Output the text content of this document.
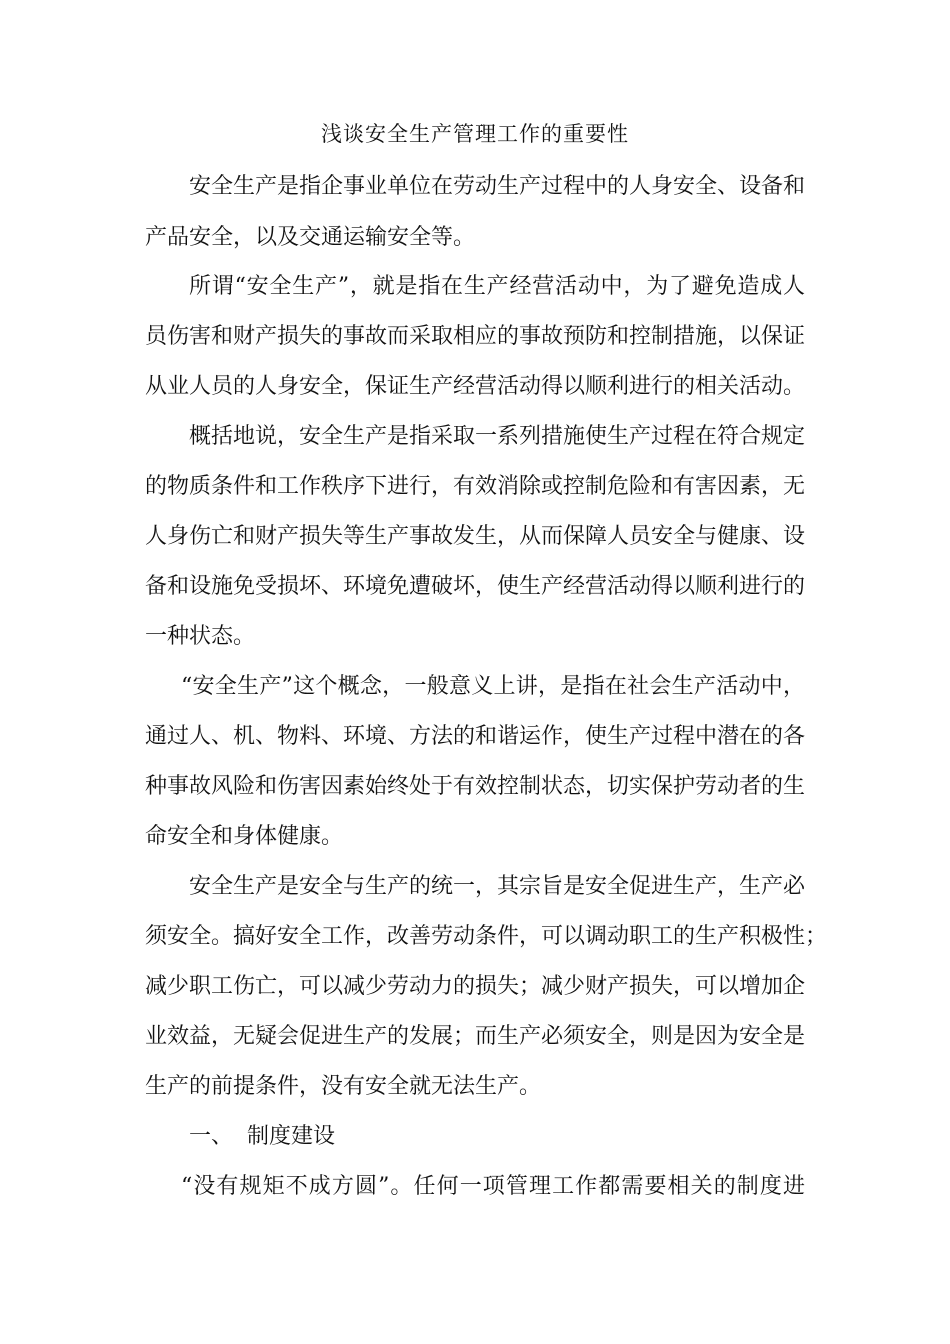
浅谈安全生产管理工作的重要性
安全生产是指企事业单位在劳动生产过程中的人身安全、设备和
产品安全，以及交通运输安全等。
所谓“安全生产”，就是指在生产经营活动中，为了避免造成人
员伤害和财产损失的事故而采取相应的事故预防和控制措施，以保证
从业人员的人身安全，保证生产经营活动得以顺利进行的相关活动。
概括地说，安全生产是指采取一系列措施使生产过程在符合规定
的物质条件和工作秩序下进行，有效消除或控制危险和有害因素，无
人身伤亡和财产损失等生产事故发生，从而保障人员安全与健康、设
备和设施免受损坏、环境免遭破坏，使生产经营活动得以顺利进行的
一种状态。
“安全生产”这个概念，一般意义上讲，是指在社会生产活动中，
通过人、机、物料、环境、方法的和谐运作，使生产过程中潜在的各
种事故风险和伤害因素始终处于有效控制状态，切实保护劳动者的生
命安全和身体健康。
安全生产是安全与生产的统一，其宗旨是安全促进生产，生产必
须安全。搞好安全工作，改善劳动条件，可以调动职工的生产积极性；
减少职工伤亡，可以减少劳动力的损失；减少财产损失，可以增加企
业效益，无疑会促进生产的发展；而生产必须安全，则是因为安全是
生产的前提条件，没有安全就无法生产。
一、  制度建设
“没有规矩不成方圆”。任何一项管理工作都需要相关的制度进
